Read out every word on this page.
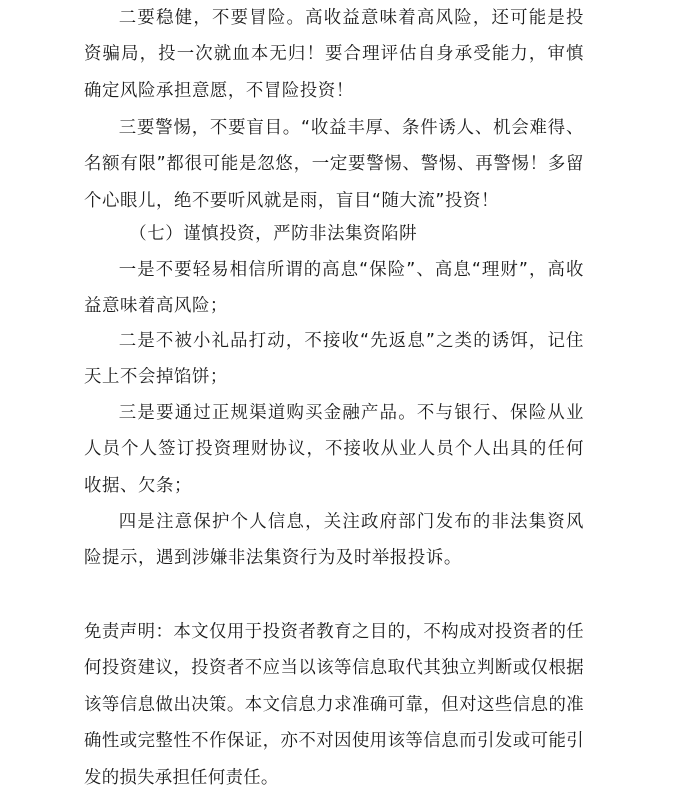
二要稳健，不要冒险。高收益意味着高风险，还可能是投资骗局，投一次就血本无归！要合理评估自身承受能力，审慎确定风险承担意愿，不冒险投资！

三要警惕，不要盲目。“收益丰厚、条件诱人、机会难得、名额有限”都很可能是忽悠，一定要警惕、警惕、再警惕！多留个心眼儿，绝不要听风就是雨，盲目“随大流”投资！

（七）谨慎投资，严防非法集资陷阱

一是不要轻易相信所谓的高息“保险”、高息“理财”，高收益意味着高风险；

二是不被小礼品打动，不接收“先返息”之类的诱饵，记住天上不会掉馅饼；

三是要通过正规渠道购买金融产品。不与银行、保险从业人员个人签订投资理财协议，不接收从业人员个人出具的任何收据、欠条；

四是注意保护个人信息，关注政府部门发布的非法集资风险提示，遇到涉嫌非法集资行为及时举报投诉。

免责声明：本文仅用于投资者教育之目的，不构成对投资者的任何投资建议，投资者不应当以该等信息取代其独立判断或仅根据该等信息做出决策。本文信息力求准确可靠，但对这些信息的准确性或完整性不作保证，亦不对因使用该等信息而引发或可能引发的损失承担任何责任。
